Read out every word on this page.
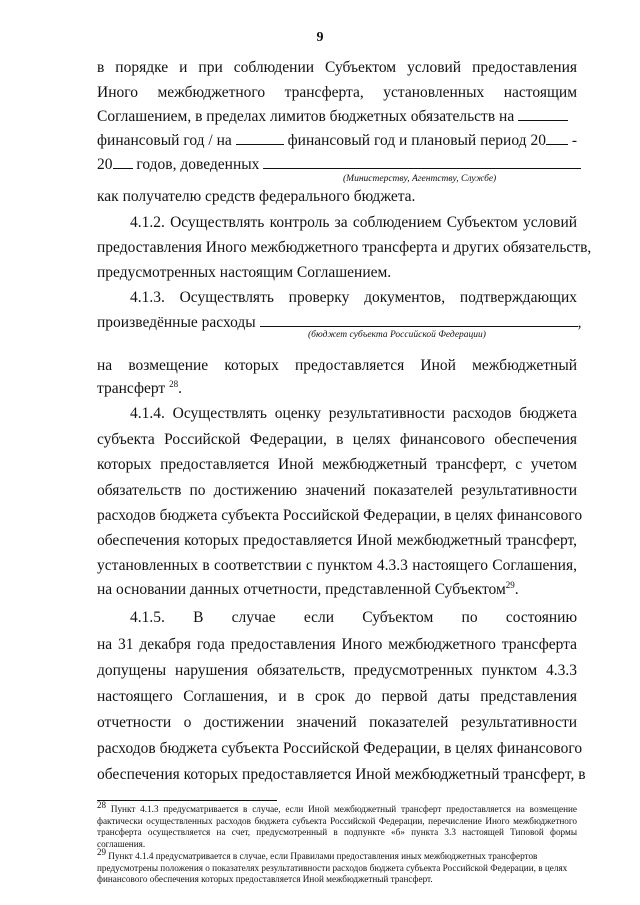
9
в порядке и при соблюдении Субъектом условий предоставления
Иного межбюджетного трансферта, установленных настоящим
Соглашением, в пределах лимитов бюджетных обязательств на
финансовый год / на	финансовый год и плановый период 20 -
20 годов, доведенных
(Министерству, Агентству, Службе)
как получателю средств федерального бюджета.
4.1.2. Осуществлять контроль за соблюдением Субъектом условий
предоставления Иного межбюджетного трансферта и других обязательств,
предусмотренных настоящим Соглашением.
4.1.3. Осуществлять проверку документов, подтверждающих
произведённые расходы	,
(бюджет субъекта Российской Федерации)
на возмещение которых предоставляется Иной межбюджетный
трансферт $^{28}$.
4.1.4. Осуществлять оценку результативности расходов бюджета
субъекта Российской Федерации, в целях финансового обеспечения
которых предоставляется Иной межбюджетный трансферт, с учетом
обязательств по достижению значений показателей результативности
расходов бюджета субъекта Российской Федерации, в целях финансового
обеспечения которых предоставляется Иной межбюджетный трансферт,
установленных в соответствии с пунктом 4.3.3 настоящего Соглашения,
на основании данных отчетности, представленной Субъектом$^{29}$.
4.1.5. В случае если Субъектом по состоянию
на 31 декабря года предоставления Иного межбюджетного трансферта
допущены нарушения обязательств, предусмотренных пунктом 4.3.3
настоящего Соглашения, и в срок до первой даты представления
отчетности о достижении значений показателей результативности
расходов бюджета субъекта Российской Федерации, в целях финансового
обеспечения которых предоставляется Иной межбюджетный трансферт, в

$^{28}$ Пункт 4.1.3 предусматривается в случае, если Иной межбюджетный трансферт предоставляется на возмещение фактически осуществленных расходов бюджета субъекта Российской Федерации, перечисление Иного межбюджетного трансферта осуществляется на счет, предусмотренный в подпункте «б» пункта 3.3 настоящей Типовой формы соглашения.

$^{29}$ Пункт 4.1.4 предусматривается в случае, если Правилами предоставления иных межбюджетных трансфертов предусмотрены положения о показателях результативности расходов бюджета субъекта Российской Федерации, в целях финансового обеспечения которых предоставляется Иной межбюджетный трансферт.
